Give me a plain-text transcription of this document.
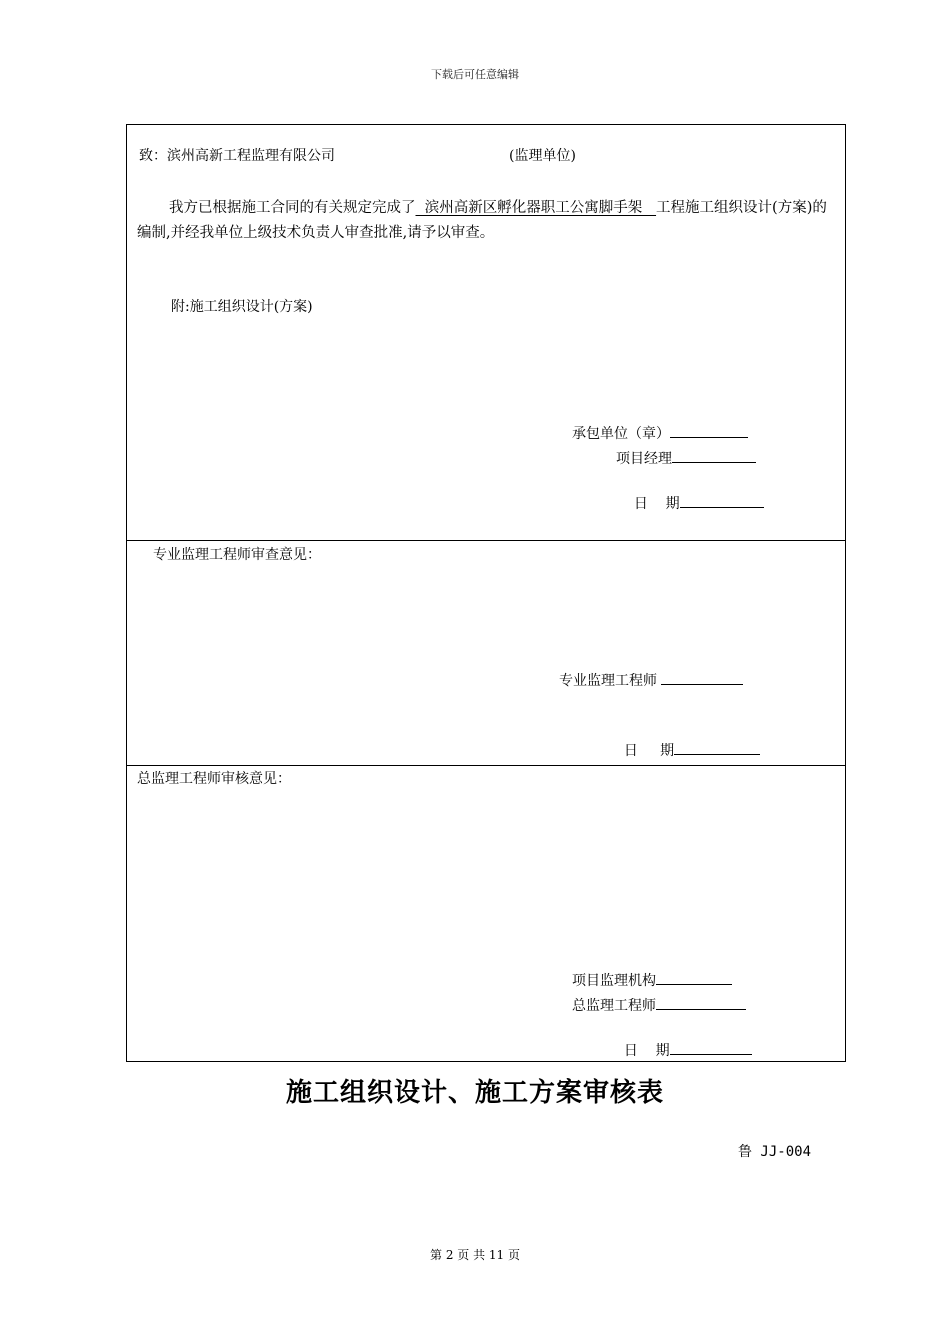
下载后可任意编辑
致：滨州高新工程监理有限公司	(监理单位)
我方已根据施工合同的有关规定完成了  滨州高新区孵化器职工公寓脚手架   工程施工组织设计(方案)的编制,并经我单位上级技术负责人审查批准,请予以审查。
附:施工组织设计(方案)
承包单位（章）
项目经理

日    期

专业监理工程师审查意见：
专业监理工程师

日     期

总监理工程师审核意见：
项目监理机构
总监理工程师

日    期

施工组织设计、施工方案审核表
鲁 JJ-004
第 2 页 共 11 页
